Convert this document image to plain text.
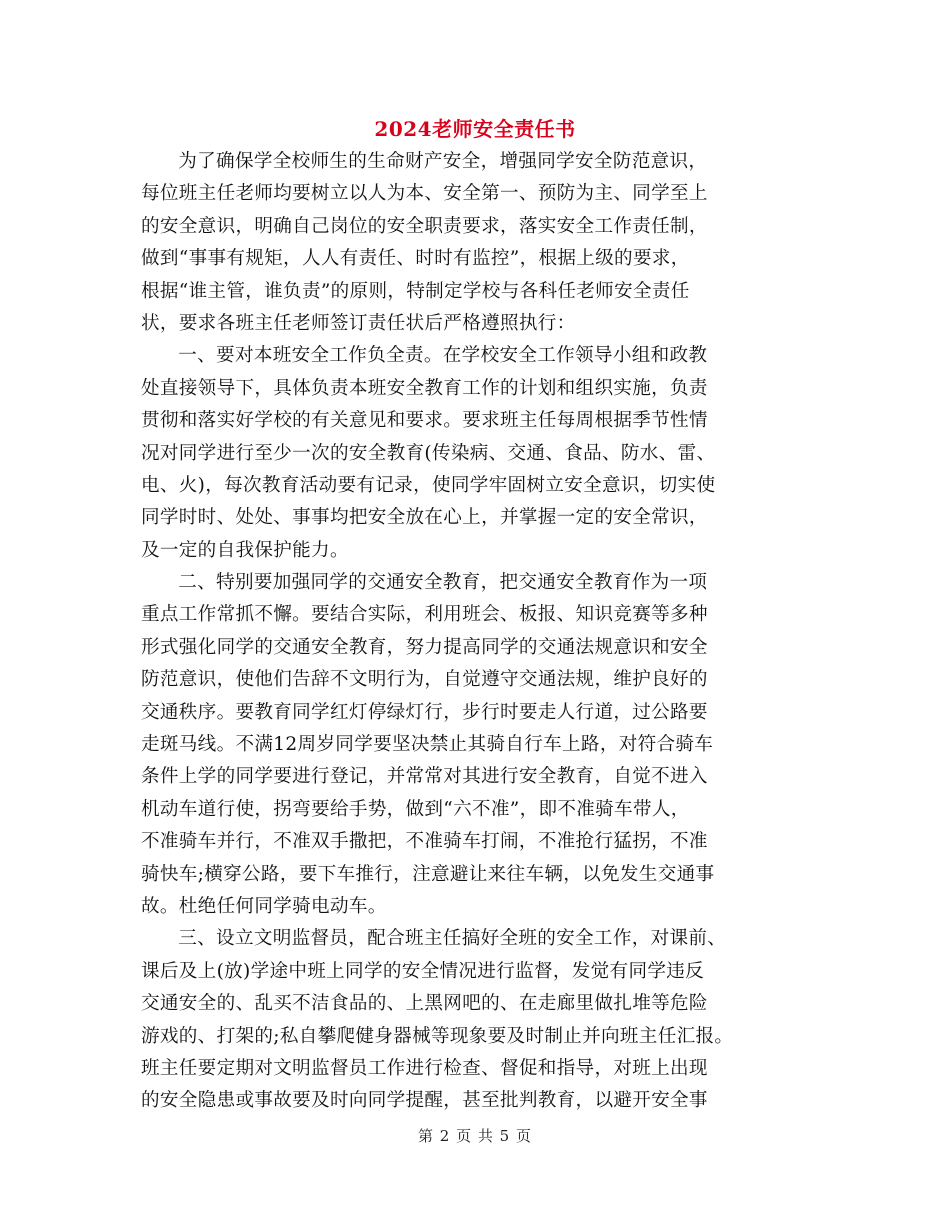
2024老师安全责任书
为了确保学全校师生的生命财产安全，增强同学安全防范意识，
每位班主任老师均要树立以人为本、安全第一、预防为主、同学至上
的安全意识，明确自己岗位的安全职责要求，落实安全工作责任制，
做到“事事有规矩，人人有责任、时时有监控”，根据上级的要求，
根据“谁主管，谁负责”的原则，特制定学校与各科任老师安全责任
状，要求各班主任老师签订责任状后严格遵照执行：
一、要对本班安全工作负全责。在学校安全工作领导小组和政教
处直接领导下，具体负责本班安全教育工作的计划和组织实施，负责
贯彻和落实好学校的有关意见和要求。要求班主任每周根据季节性情
况对同学进行至少一次的安全教育(传染病、交通、食品、防水、雷、
电、火)，每次教育活动要有记录，使同学牢固树立安全意识，切实使
同学时时、处处、事事均把安全放在心上，并掌握一定的安全常识，
及一定的自我保护能力。
二、特别要加强同学的交通安全教育，把交通安全教育作为一项
重点工作常抓不懈。要结合实际，利用班会、板报、知识竞赛等多种
形式强化同学的交通安全教育，努力提高同学的交通法规意识和安全
防范意识，使他们告辞不文明行为，自觉遵守交通法规，维护良好的
交通秩序。要教育同学红灯停绿灯行，步行时要走人行道，过公路要
走斑马线。不满12周岁同学要坚决禁止其骑自行车上路，对符合骑车
条件上学的同学要进行登记，并常常对其进行安全教育，自觉不进入
机动车道行使，拐弯要给手势，做到“六不准”，即不准骑车带人，
不准骑车并行，不准双手撒把，不准骑车打闹，不准抢行猛拐，不准
骑快车;横穿公路，要下车推行，注意避让来往车辆，以免发生交通事
故。杜绝任何同学骑电动车。
三、设立文明监督员，配合班主任搞好全班的安全工作，对课前、
课后及上(放)学途中班上同学的安全情况进行监督，发觉有同学违反
交通安全的、乱买不洁食品的、上黑网吧的、在走廊里做扎堆等危险
游戏的、打架的;私自攀爬健身器械等现象要及时制止并向班主任汇报。
班主任要定期对文明监督员工作进行检查、督促和指导，对班上出现
的安全隐患或事故要及时向同学提醒，甚至批判教育，以避开安全事
第 2 页 共 5 页
